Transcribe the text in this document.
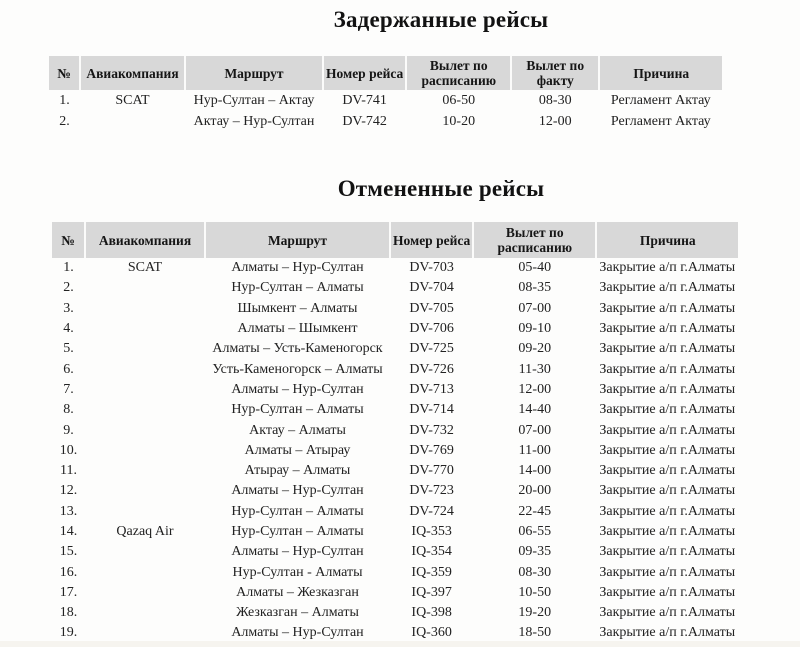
Задержанные рейсы
№	Авиакомпания	Маршрут	Номер рейса	Вылет по расписанию	Вылет по факту	Причина
1.	SCAT	Нур-Султан – Актау	DV-741	06-50	08-30	Регламент Актау
2.		Актау – Нур-Султан	DV-742	10-20	12-00	Регламент Актау
Отмененные рейсы
№	Авиакомпания	Маршрут	Номер рейса	Вылет по расписанию	Причина
1.	SCAT	Алматы – Нур-Султан	DV-703	05-40	Закрытие а/п г.Алматы
2.		Нур-Султан – Алматы	DV-704	08-35	Закрытие а/п г.Алматы
3.		Шымкент – Алматы	DV-705	07-00	Закрытие а/п г.Алматы
4.		Алматы – Шымкент	DV-706	09-10	Закрытие а/п г.Алматы
5.		Алматы – Усть-Каменогорск	DV-725	09-20	Закрытие а/п г.Алматы
6.		Усть-Каменогорск – Алматы	DV-726	11-30	Закрытие а/п г.Алматы
7.		Алматы – Нур-Султан	DV-713	12-00	Закрытие а/п г.Алматы
8.		Нур-Султан – Алматы	DV-714	14-40	Закрытие а/п г.Алматы
9.		Актау – Алматы	DV-732	07-00	Закрытие а/п г.Алматы
10.		Алматы – Атырау	DV-769	11-00	Закрытие а/п г.Алматы
11.		Атырау – Алматы	DV-770	14-00	Закрытие а/п г.Алматы
12.		Алматы – Нур-Султан	DV-723	20-00	Закрытие а/п г.Алматы
13.		Нур-Султан – Алматы	DV-724	22-45	Закрытие а/п г.Алматы
14.	Qazaq Air	Нур-Султан – Алматы	IQ-353	06-55	Закрытие а/п г.Алматы
15.		Алматы – Нур-Султан	IQ-354	09-35	Закрытие а/п г.Алматы
16.		Нур-Султан - Алматы	IQ-359	08-30	Закрытие а/п г.Алматы
17.		Алматы – Жезказган	IQ-397	10-50	Закрытие а/п г.Алматы
18.		Жезказган – Алматы	IQ-398	19-20	Закрытие а/п г.Алматы
19.		Алматы – Нур-Султан	IQ-360	18-50	Закрытие а/п г.Алматы
